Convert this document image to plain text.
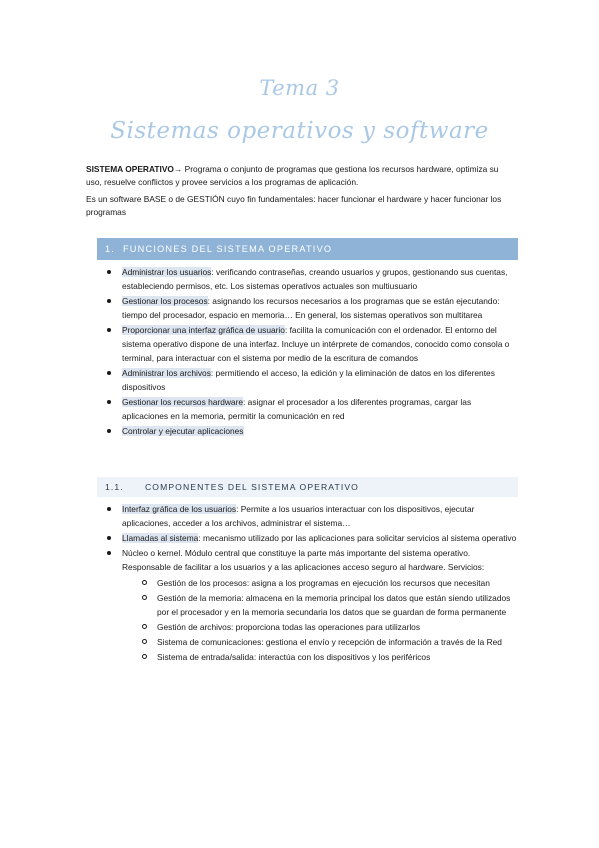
Tema 3
Sistemas operativos y software
SISTEMA OPERATIVO→ Programa o conjunto de programas que gestiona los recursos hardware, optimiza su uso, resuelve conflictos y provee servicios a los programas de aplicación.
Es un software BASE o de GESTIÓN cuyo fin fundamentales: hacer funcionar el hardware y hacer funcionar los programas
1. FUNCIONES DEL SISTEMA OPERATIVO
Administrar los usuarios: verificando contraseñas, creando usuarios y grupos, gestionando sus cuentas, estableciendo permisos, etc. Los sistemas operativos actuales son multiusuario
Gestionar los procesos: asignando los recursos necesarios a los programas que se están ejecutando: tiempo del procesador, espacio en memoria… En general, los sistemas operativos son multitarea
Proporcionar una interfaz gráfica de usuario: facilita la comunicación con el ordenador. El entorno del sistema operativo dispone de una interfaz. Incluye un intérprete de comandos, conocido como consola o terminal, para interactuar con el sistema por medio de la escritura de comandos
Administrar los archivos: permitiendo el acceso, la edición y la eliminación de datos en los diferentes dispositivos
Gestionar los recursos hardware: asignar el procesador a los diferentes programas, cargar las aplicaciones en la memoria, permitir la comunicación en red
Controlar y ejecutar aplicaciones
1.1. COMPONENTES DEL SISTEMA OPERATIVO
Interfaz gráfica de los usuarios: Permite a los usuarios interactuar con los dispositivos, ejecutar aplicaciones, acceder a los archivos, administrar el sistema…
Llamadas al sistema: mecanismo utilizado por las aplicaciones para solicitar servicios al sistema operativo
Núcleo o kernel. Módulo central que constituye la parte más importante del sistema operativo. Responsable de facilitar a los usuarios y a las aplicaciones acceso seguro al hardware. Servicios:
Gestión de los procesos: asigna a los programas en ejecución los recursos que necesitan
Gestión de la memoria: almacena en la memoria principal los datos que están siendo utilizados por el procesador y en la memoria secundaria los datos que se guardan de forma permanente
Gestión de archivos: proporciona todas las operaciones para utilizarlos
Sistema de comunicaciones: gestiona el envío y recepción de información a través de la Red
Sistema de entrada/salida: interactúa con los dispositivos y los periféricos
